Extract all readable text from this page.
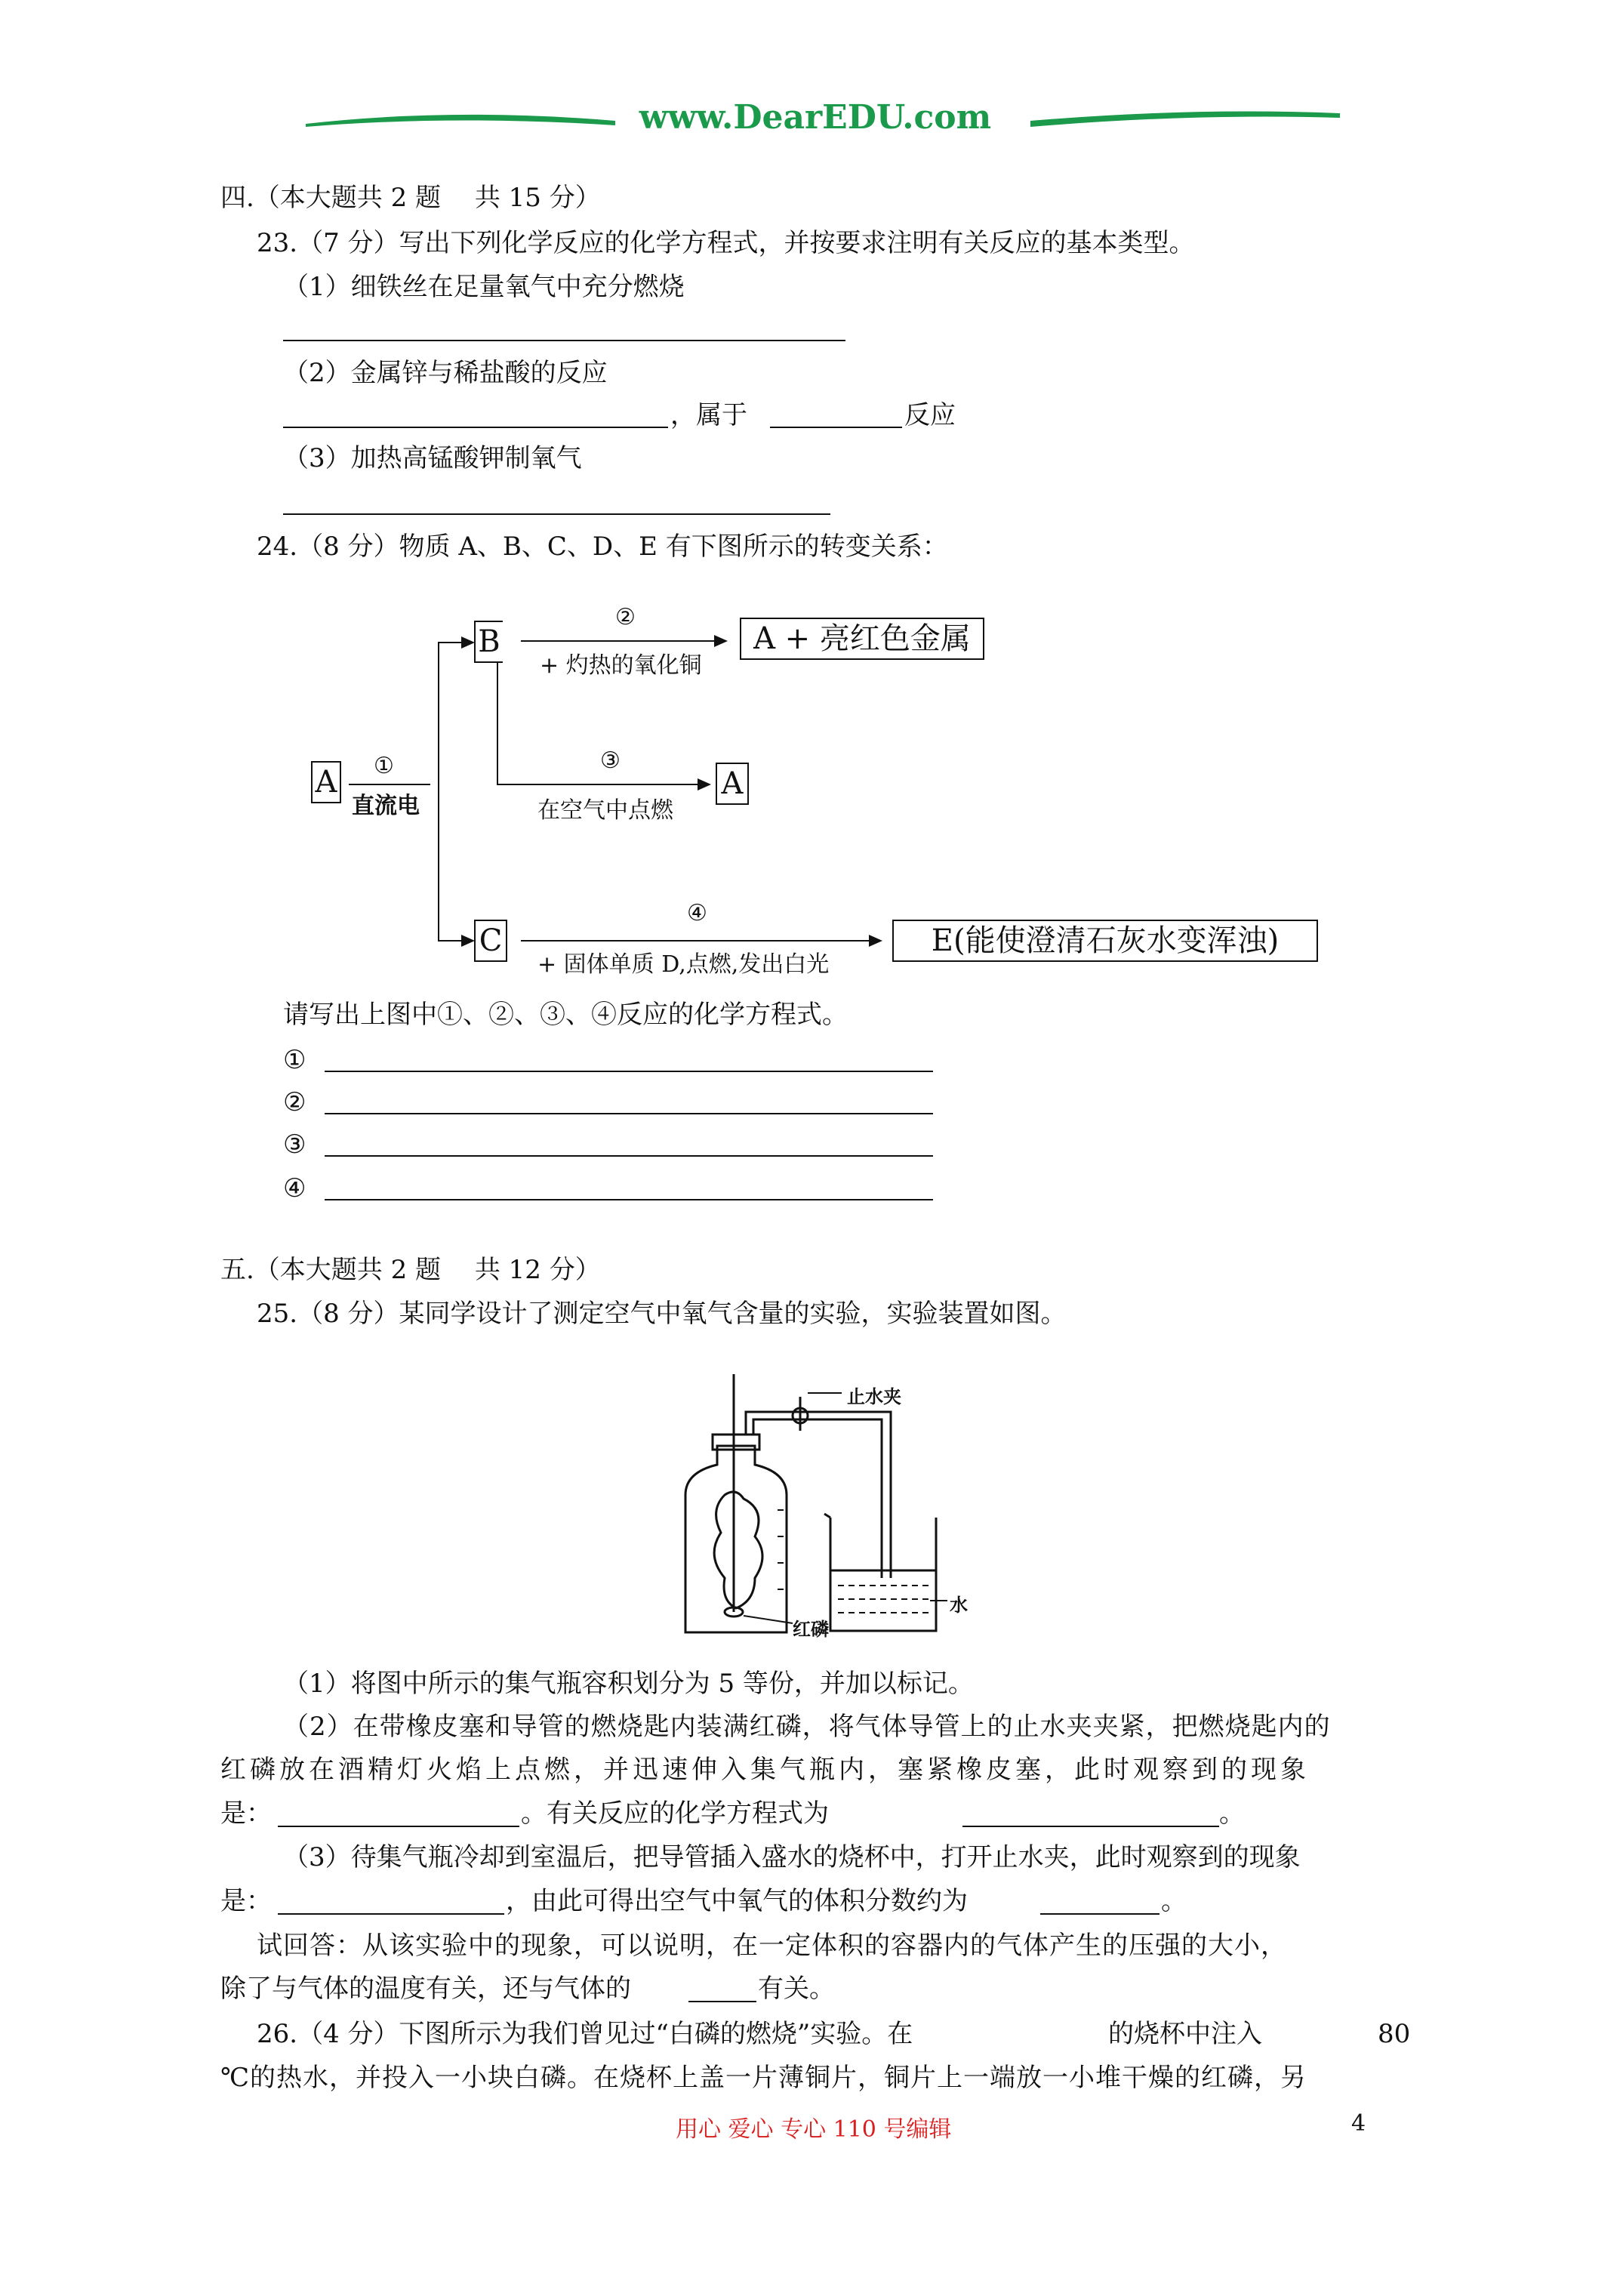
www.DearEDU.com
四.（本大题共 2 题　 共 15 分）
23.（7 分）写出下列化学反应的化学方程式，并按要求注明有关反应的基本类型。
（1）细铁丝在足量氧气中充分燃烧
（2）金属锌与稀盐酸的反应
，属于	反应
（3）加热高锰酸钾制氧气
24.（8 分）物质 A、B、C、D、E 有下图所示的转变关系：
A ①
直流电
B
③
在空气中点燃
A
②
+ 灼热的氧化铜
A + 亮红色金属
C
④
+ 固体单质 D,点燃,发出白光
E(能使澄清石灰水变浑浊)
请写出上图中①、②、③、④反应的化学方程式。
①
②
③
④
五.（本大题共 2 题　 共 12 分）
25.（8 分）某同学设计了测定空气中氧气含量的实验，实验装置如图。
止水夹
红磷
水
（1）将图中所示的集气瓶容积划分为 5 等份，并加以标记。
（2）在带橡皮塞和导管的燃烧匙内装满红磷，将气体导管上的止水夹夹紧，把燃烧匙内的
红磷放在酒精灯火焰上点燃，并迅速伸入集气瓶内，塞紧橡皮塞，此时观察到的现象
是：	。有关反应的化学方程式为	。
（3）待集气瓶冷却到室温后，把导管插入盛水的烧杯中，打开止水夹，此时观察到的现象
是：	，由此可得出空气中氧气的体积分数约为	。
试回答：从该实验中的现象，可以说明，在一定体积的容器内的气体产生的压强的大小，
除了与气体的温度有关，还与气体的	有关。
26.（4 分）下图所示为我们曾见过“白磷的燃烧”实验。在	的烧杯中注入	80
℃的热水，并投入一小块白磷。在烧杯上盖一片薄铜片，铜片上一端放一小堆干燥的红磷，另
用心 爱心 专心 110 号编辑	4
